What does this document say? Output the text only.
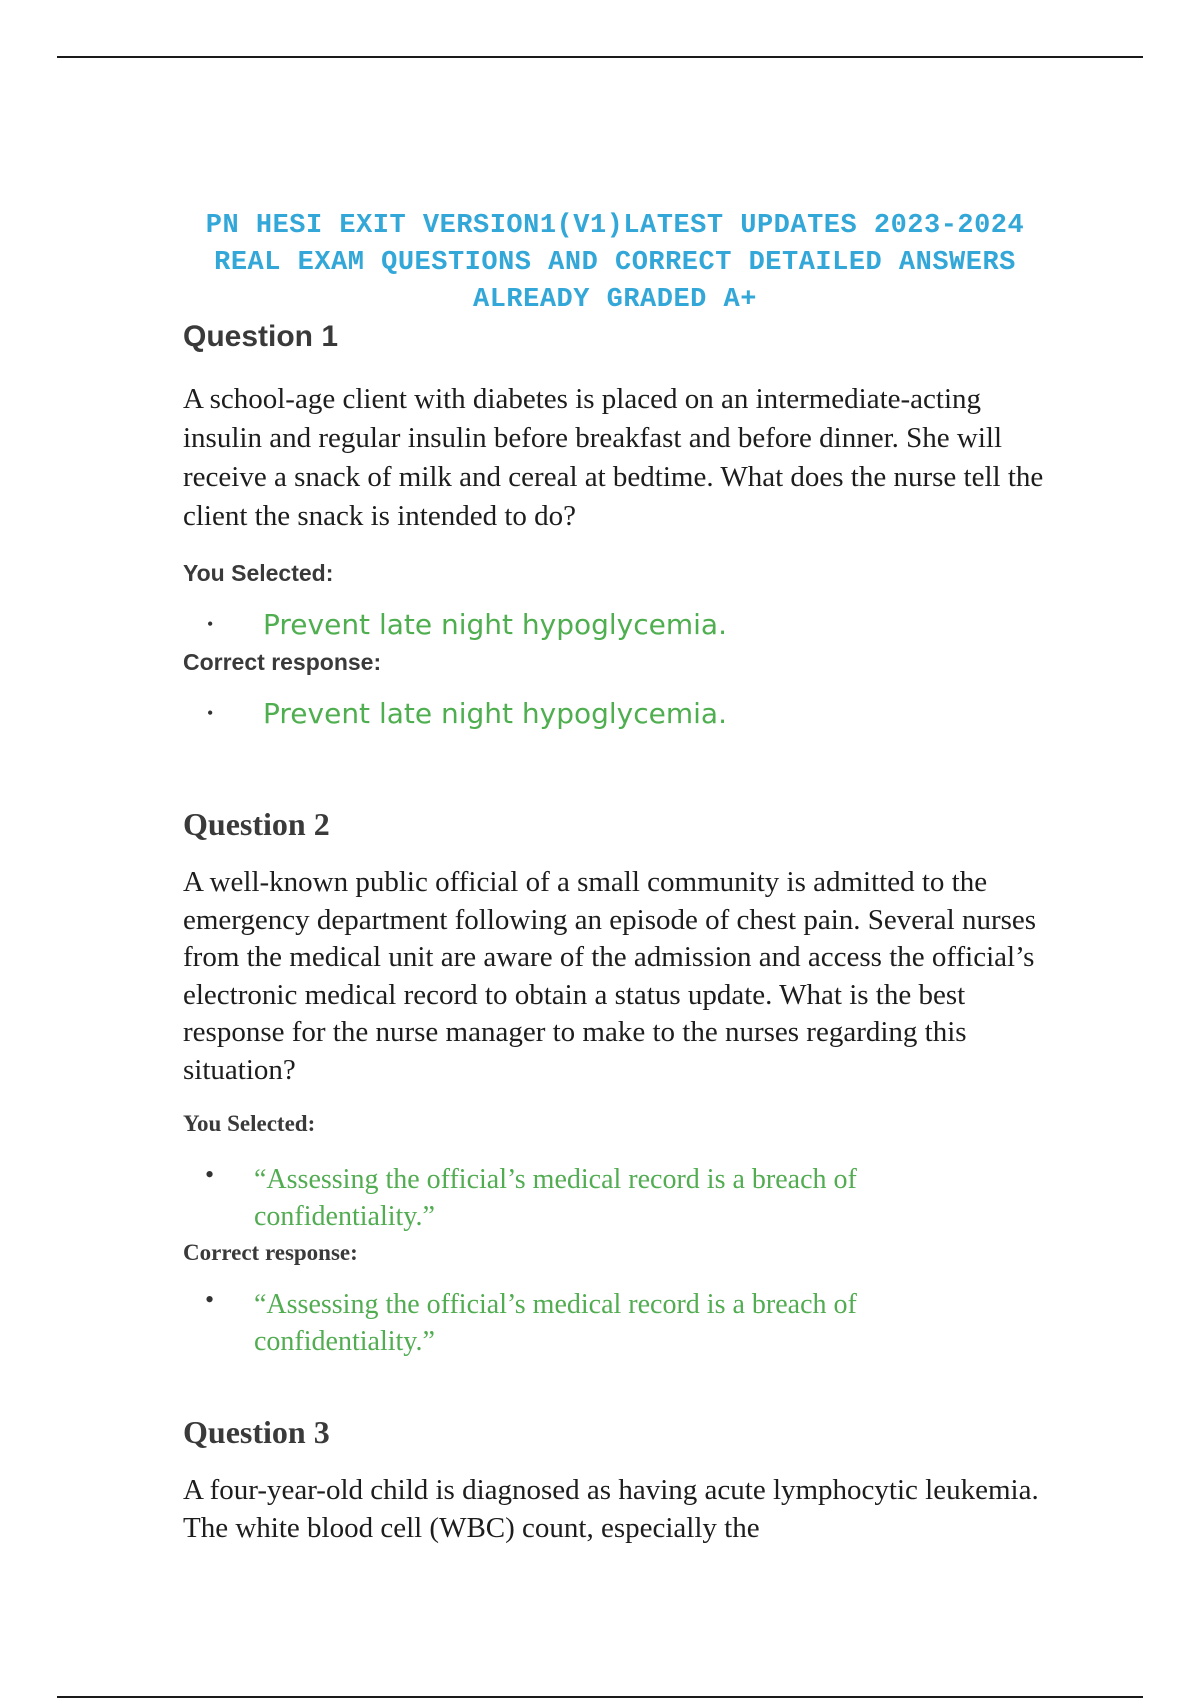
PN HESI EXIT VERSION1(V1)LATEST UPDATES 2023-2024 REAL EXAM QUESTIONS AND CORRECT DETAILED ANSWERS ALREADY GRADED A+
Question 1
A school-age client with diabetes is placed on an intermediate-acting insulin and regular insulin before breakfast and before dinner. She will receive a snack of milk and cereal at bedtime. What does the nurse tell the client the snack is intended to do?
You Selected:
• Prevent late night hypoglycemia.
Correct response:
• Prevent late night hypoglycemia.
Question 2
A well-known public official of a small community is admitted to the emergency department following an episode of chest pain. Several nurses from the medical unit are aware of the admission and access the official’s electronic medical record to obtain a status update. What is the best response for the nurse manager to make to the nurses regarding this situation?
You Selected:
• “Assessing the official’s medical record is a breach of confidentiality.”
Correct response:
• “Assessing the official’s medical record is a breach of confidentiality.”
Question 3
A four-year-old child is diagnosed as having acute lymphocytic leukemia. The white blood cell (WBC) count, especially the
